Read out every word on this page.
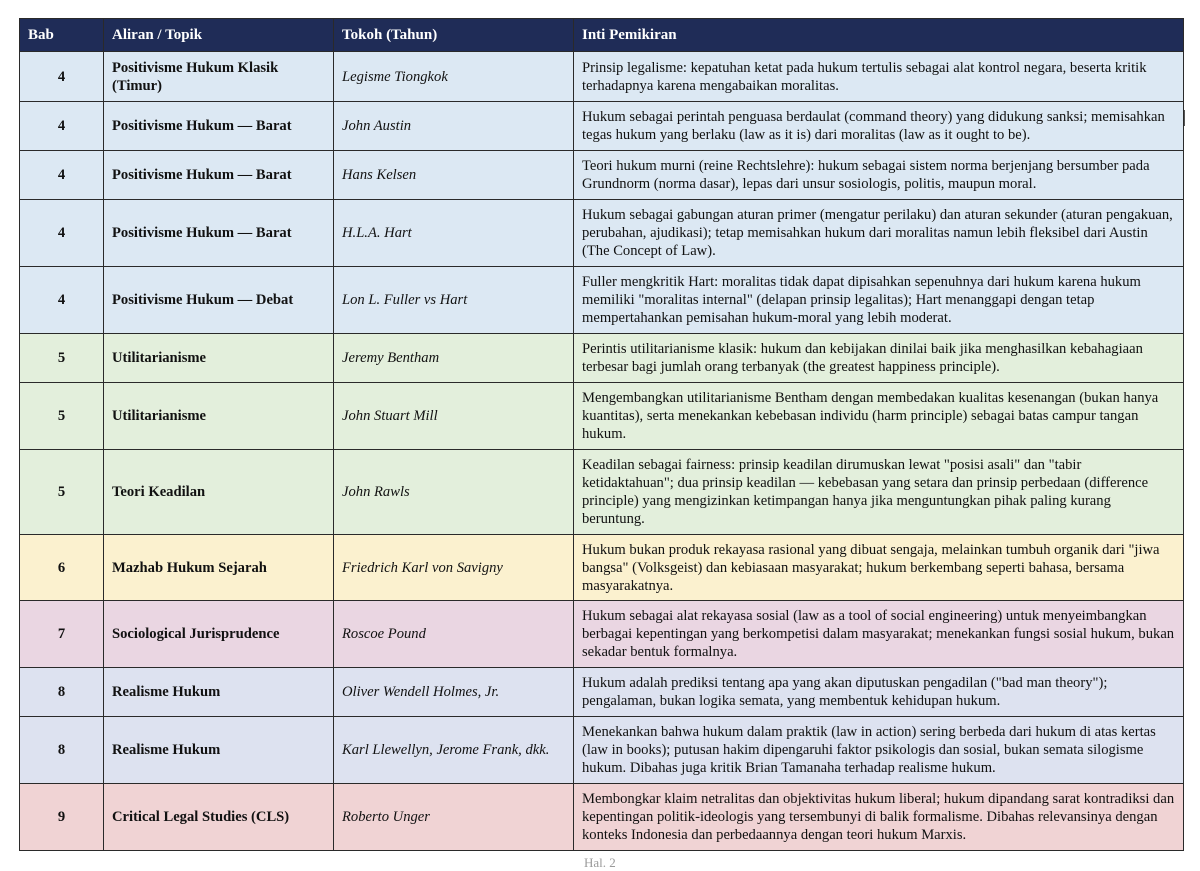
Bab	Aliran / Topik	Tokoh (Tahun)	Inti Pemikiran
4	Positivisme Hukum Klasik (Timur)	Legisme Tiongkok	Prinsip legalisme: kepatuhan ketat pada hukum tertulis sebagai alat kontrol negara, beserta kritik terhadapnya karena mengabaikan moralitas.
4	Positivisme Hukum — Barat	John Austin	Hukum sebagai perintah penguasa berdaulat (command theory) yang didukung sanksi; memisahkan tegas hukum yang berlaku (law as it is) dari moralitas (law as it ought to be).
4	Positivisme Hukum — Barat	Hans Kelsen	Teori hukum murni (reine Rechtslehre): hukum sebagai sistem norma berjenjang bersumber pada Grundnorm (norma dasar), lepas dari unsur sosiologis, politis, maupun moral.
4	Positivisme Hukum — Barat	H.L.A. Hart	Hukum sebagai gabungan aturan primer (mengatur perilaku) dan aturan sekunder (aturan pengakuan, perubahan, ajudikasi); tetap memisahkan hukum dari moralitas namun lebih fleksibel dari Austin (The Concept of Law).
4	Positivisme Hukum — Debat	Lon L. Fuller vs Hart	Fuller mengkritik Hart: moralitas tidak dapat dipisahkan sepenuhnya dari hukum karena hukum memiliki "moralitas internal" (delapan prinsip legalitas); Hart menanggapi dengan tetap mempertahankan pemisahan hukum-moral yang lebih moderat.
5	Utilitarianisme	Jeremy Bentham	Perintis utilitarianisme klasik: hukum dan kebijakan dinilai baik jika menghasilkan kebahagiaan terbesar bagi jumlah orang terbanyak (the greatest happiness principle).
5	Utilitarianisme	John Stuart Mill	Mengembangkan utilitarianisme Bentham dengan membedakan kualitas kesenangan (bukan hanya kuantitas), serta menekankan kebebasan individu (harm principle) sebagai batas campur tangan hukum.
5	Teori Keadilan	John Rawls	Keadilan sebagai fairness: prinsip keadilan dirumuskan lewat "posisi asali" dan "tabir ketidaktahuan"; dua prinsip keadilan — kebebasan yang setara dan prinsip perbedaan (difference principle) yang mengizinkan ketimpangan hanya jika menguntungkan pihak paling kurang beruntung.
6	Mazhab Hukum Sejarah	Friedrich Karl von Savigny	Hukum bukan produk rekayasa rasional yang dibuat sengaja, melainkan tumbuh organik dari "jiwa bangsa" (Volksgeist) dan kebiasaan masyarakat; hukum berkembang seperti bahasa, bersama masyarakatnya.
7	Sociological Jurisprudence	Roscoe Pound	Hukum sebagai alat rekayasa sosial (law as a tool of social engineering) untuk menyeimbangkan berbagai kepentingan yang berkompetisi dalam masyarakat; menekankan fungsi sosial hukum, bukan sekadar bentuk formalnya.
8	Realisme Hukum	Oliver Wendell Holmes, Jr.	Hukum adalah prediksi tentang apa yang akan diputuskan pengadilan ("bad man theory"); pengalaman, bukan logika semata, yang membentuk kehidupan hukum.
8	Realisme Hukum	Karl Llewellyn, Jerome Frank, dkk.	Menekankan bahwa hukum dalam praktik (law in action) sering berbeda dari hukum di atas kertas (law in books); putusan hakim dipengaruhi faktor psikologis dan sosial, bukan semata silogisme hukum. Dibahas juga kritik Brian Tamanaha terhadap realisme hukum.
9	Critical Legal Studies (CLS)	Roberto Unger	Membongkar klaim netralitas dan objektivitas hukum liberal; hukum dipandang sarat kontradiksi dan kepentingan politik-ideologis yang tersembunyi di balik formalisme. Dibahas relevansinya dengan konteks Indonesia dan perbedaannya dengan teori hukum Marxis.
Hal. 2
